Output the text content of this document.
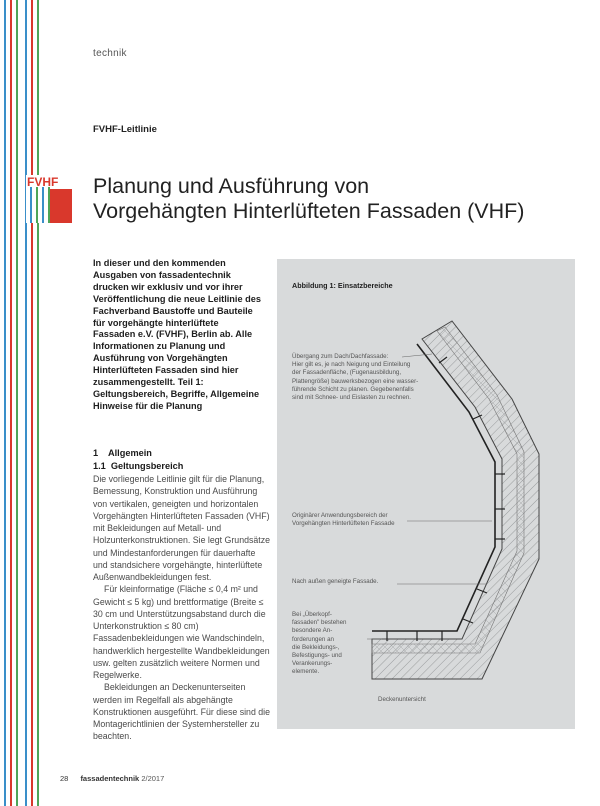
technik
FVHF-Leitlinie
FVHF Planung und Ausführung von
Vorgehängten Hinterlüfteten Fassaden (VHF)
In dieser und den kommenden Ausgaben von fassadentechnik drucken wir exklusiv und vor ihrer Veröffentlichung die neue Leitlinie des Fachverband Baustoffe und Bauteile für vorgehängte hinterlüftete Fassaden e.V. (FVHF), Berlin ab. Alle Informationen zu Planung und Ausführung von Vorgehängten Hinterlüfteten Fassaden sind hier zusammengestellt. Teil 1: Geltungsbereich, Begriffe, Allgemeine Hinweise für die Planung
1    Allgemein
1.1  Geltungsbereich

Die vorliegende Leitlinie gilt für die Planung, Bemessung, Konstruktion und Ausführung von vertikalen, geneigten und horizontalen Vorgehängten Hinterlüfteten Fassaden (VHF) mit Bekleidungen auf Metall- und Holzunterkonstruktionen. Sie legt Grundsätze und Mindestanforderungen für dauerhafte und standsichere vorgehängte, hinterlüftete Außenwandbekleidungen fest.

Für kleinformatige (Fläche ≤ 0,4 m² und Gewicht ≤ 5 kg) und brettformatige (Breite ≤ 30 cm und Unterstützungsabstand durch die Unterkonstruktion ≤ 80 cm) Fassadenbekleidungen wie Wandschindeln, handwerklich hergestellte Wandbekleidungen usw. gelten zusätzlich weitere Normen und Regelwerke.

Bekleidungen an Deckenunterseiten werden im Regelfall als abgehängte Konstruktionen ausgeführt. Für diese sind die Montagerichtlinien der Systemhersteller zu beachten.

Abbildung 1: Einsatzbereiche
Übergang zum Dach/Dachfassade:
Hier gilt es, je nach Neigung und Einteilung
der Fassadenfläche, (Fugenausbildung,
Plattengröße) bauwerksbezogen eine wasser-
führende Schicht zu planen. Gegebenenfalls
sind mit Schnee- und Eislasten zu rechnen.
Originärer Anwendungsbereich der
Vorgehängten Hinterlüfteten Fassade
Nach außen geneigte Fassade.
Bei „Überkopf-
fassaden" bestehen
besondere An-
forderungen an
die Bekleidungs-,
Befestigungs- und
Verankerungs-
elemente.
Deckenuntersicht
28 fassadentechnik 2/2017
